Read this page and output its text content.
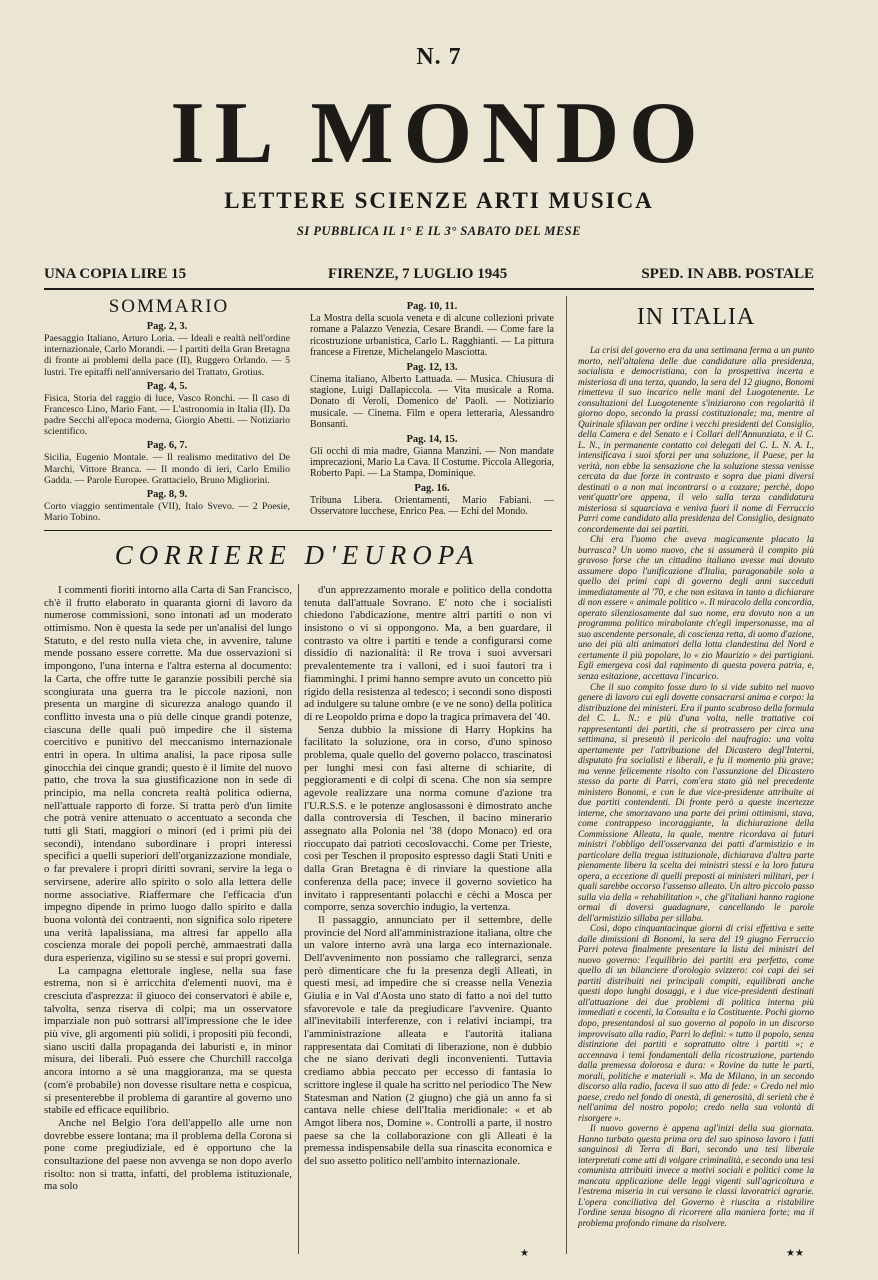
N. 7
IL MONDO
LETTERE SCIENZE ARTI MUSICA
SI PUBBLICA IL 1° E IL 3° SABATO DEL MESE
UNA COPIA LIRE 15	FIRENZE, 7 LUGLIO 1945	SPED. IN ABB. POSTALE
SOMMARIO
Pag. 2, 3.
Paesaggio Italiano, Arturo Loria. — Ideali e realtà nell'ordine internazionale, Carlo Morandi. — I partiti della Gran Bretagna di fronte ai problemi della pace (II), Ruggero Orlando. — 5 lustri. Tre epitaffi nell'anniversario del Trattato, Grotius.
Pag. 4, 5.
Fisica, Storia del raggio di luce, Vasco Ronchi. — Il caso di Francesco Lino, Mario Fant. — L'astronomia in Italia (II). Da padre Secchi all'epoca moderna, Giorgio Abetti. — Notiziario scientifico.
Pag. 6, 7.
Sicilia, Eugenio Montale. — Il realismo meditativo del De Marchi, Vittore Branca. — Il mondo di ieri, Carlo Emilio Gadda. — Parole Europee. Grattacielo, Bruno Migliorini.
Pag. 8, 9.
Corto viaggio sentimentale (VII), Italo Svevo. — 2 Poesie, Mario Tobino.
Pag. 10, 11.
La Mostra della scuola veneta e di alcune collezioni private romane a Palazzo Venezia, Cesare Brandi. — Come fare la ricostruzione urbanistica, Carlo L. Ragghianti. — La pittura francese a Firenze, Michelangelo Masciotta.
Pag. 12, 13.
Cinema italiano, Alberto Lattuada. — Musica. Chiusura di stagione, Luigi Dallapiccola. — Vita musicale a Roma. Donato di Veroli, Domenico de' Paoli. — Notiziario musicale. — Cinema. Film e opera letteraria, Alessandro Bonsanti.
Pag. 14, 15.
Gli occhi di mia madre, Gianna Manzini. — Non mandate imprecazioni, Mario La Cava. Il Costume. Piccola Allegoria, Roberto Papi. — La Stampa, Dominique.
Pag. 16.
Tribuna Libera. Orientamenti, Mario Fabiani. — Osservatore lucchese, Enrico Pea. — Echi del Mondo.
IN ITALIA

La crisi del governo era da una settimana ferma a un punto morto, nell'altalena delle due candidature alla presidenza, socialista e democristiana, con la prospettiva incerta e misteriosa di una terza, quando, la sera del 12 giugno, Bonomi rimetteva il suo incarico nelle mani del Luogotenente. Le consultazioni del Luogotenente s'iniziarono con regolarità il giorno dopo, secondo la prassi costituzionale; ma, mentre al Quirinale sfilavan per ordine i vecchi presidenti del Consiglio, della Camera e del Senato e i Collari dell'Annunziata, e il C. L. N., in permanente contatto coi delegati del C. L. N. A. I., intensificava i suoi sforzi per una soluzione, il Paese, per la verità, non ebbe la sensazione che la soluzione stessa venisse cercata da due forze in contrasto e sopra due piani diversi destinati o a non mai incontrarsi o a cozzare; perchè, dopo vent'quattr'ore appena, il velo sulla terza candidatura misteriosa si squarciava e veniva fuori il nome di Ferruccio Parri come candidato alla presidenza del Consiglio, designato concordemente dai sei partiti.

Chi era l'uomo che aveva magicamente placato la burrasca? Un uomo nuovo, che si assumerà il compito più gravoso forse che un cittadino italiano avesse mai dovuto assumere dopo l'unificazione d'Italia, paragonabile solo a quello dei primi capi di governo degli anni succeduti immediatamente al '70, e che non esitava in tanto a dichiarare di non essere « animale politico ». Il miracolo della concordia, operato silenziosamente dal suo nome, era dovuto non a un programma politico mirabolante ch'egli impersonasse, ma al suo ascendente personale, di coscienza retta, di uomo d'azione, uno dei più alti animatori della lotta clandestina del Nord e certamente il più popolare, lo « zio Maurizio » dei partigiani. Egli emergeva così dal rapimento di questa povera patria, e, senza esitazione, accettava l'incarico.

Che il suo compito fosse duro lo si vide subito nel nuovo genere di lavoro cui egli dovette consacrarsi anima e corpo: la distribuzione dei ministeri. Era il punto scabroso della formula del C. L. N.: e più d'una volta, nelle trattative coi rappresentanti dei partiti, che si protrassero per circa una settimana, si presentò il pericolo del naufragio: una volta apertamente per l'attribuzione del Dicastero degl'Interni, disputato fra socialisti e liberali, e fu il momento più grave; ma venne felicemente risolto con l'assunzione del Dicastero stesso da parte di Parri, com'era stato già nel precedente ministero Bonomi, e con le due vice-presidenze attribuite ai due partiti contendenti. Di fronte però a queste incertezze interne, che smorzavano una parte dei primi ottimismi, stava, come contrappeso incoraggiante, la dichiarazione della Commissione Alleata, la quale, mentre ricordava ai futuri ministri l'obbligo dell'osservanza dei patti d'armistizio e in particolare della tregua istituzionale, dichiarava d'altra parte pienamente libera la scelta dei ministri stessi e la loro futura opera, a eccezione di quelli preposti ai ministeri militari, per i quali sarebbe occorso l'assenso alleato. Un altro piccolo passo sulla via della « rehabilitation », che gl'italiani hanno ragione ormai di doversi guadagnare, cancellando le parole dell'armistizio sillaba per sillaba.

Così, dopo cinquantacinque giorni di crisi effettiva e sette dalle dimissioni di Bonomi, la sera del 19 giugno Ferruccio Parri poteva finalmente presentare la lista dei ministri del nuovo governo: l'equilibrio dei partiti era perfetto, come quello di un bilanciere d'orologio svizzero: coi capi dei sei partiti distribuiti nei principali compiti, equilibrati anche questi dopo lunghi dosaggi, e i due vice-presidenti destinati all'attuazione dei due problemi di politica interna più immediati e cocenti, la Consulta e la Costituente. Pochi giorno dopo, presentandosi al suo governo al popolo in un discorso improvvisato alla radio, Parri lo definì: « tutto il popolo, senza distinzione dei partiti e soprattutto oltre i partiti »; e accennava i temi fondamentali della ricostruzione, partendo dalla premessa dolorosa e dura: « Rovine da tutte le parti, morali, politiche e materiali ». Ma de Milano, in un secondo discorso alla radio, faceva il suo atto di fede: « Credo nel mio paese, credo nel fondo di onestà, di generosità, di serietà che è nell'anima del nostro popolo; credo nella sua volontà di risorgere ».

Il nuovo governo è appena agl'inizi della sua giornata. Hanno turbato questa prima ora del suo spinoso lavoro i fatti sanguinosi di Terra di Bari, secondo una tesi liberale interpretati come atti di volgare criminalità, e secondo una tesi comunista attribuiti invece a motivi sociali e politici come la mancata applicazione delle leggi vigenti sull'agricoltura e l'estrema miseria in cui versano le classi lavoratrici agrarie. L'opera conciliativa del Governo è riuscita a ristabilire l'ordine senza bisogno di ricorrere alla maniera forte; ma il problema profondo rimane da risolvere.

★★
CORRIERE D'EUROPA

I commenti fioriti intorno alla Carta di San Francisco, ch'è il frutto elaborato in quaranta giorni di lavoro da numerose commissioni, sono intonati ad un moderato ottimismo. Non è questa la sede per un'analisi del lungo Statuto, e del resto nulla vieta che, in avvenire, talune mende possano essere corrette. Ma due osservazioni si impongono, l'una interna e l'altra esterna al documento: la Carta, che offre tutte le garanzie possibili perchè sia scongiurata una guerra tra le piccole nazioni, non presenta un margine di sicurezza analogo quando il conflitto investa una o più delle cinque grandi potenze, ciascuna delle quali può impedire che il sistema coercitivo e punitivo del meccanismo internazionale entri in opera. In ultima analisi, la pace riposa sulle ginocchia dei cinque grandi; questo è il limite del nuovo patto, che trova la sua giustificazione non in sede di principio, ma nella concreta realtà politica odierna, nell'attuale rapporto di forze. Si tratta però d'un limite che potrà venire attenuato o accentuato a seconda che tutti gli Stati, maggiori o minori (ed i primi più dei secondi), intendano subordinare i propri interessi specifici a quelli superiori dell'organizzazione mondiale, o far prevalere i propri diritti sovrani, servire la lega o servirsene, aderire allo spirito o solo alla lettera delle norme associative. Riaffermare che l'efficacia d'un impegno dipende in primo luogo dallo spirito e dalla buona volontà dei contraenti, non significa solo ripetere una verità lapalissiana, ma altresì far appello alla coscienza morale dei popoli perchè, ammaestrati dalla dura esperienza, vigilino su se stessi e sui propri governi.

La campagna elettorale inglese, nella sua fase estrema, non si è arricchita d'elementi nuovi, ma è cresciuta d'asprezza: il giuoco dei conservatori è abile e, talvolta, senza riserva di colpi; ma un osservatore imparziale non può sottrarsi all'impressione che le idee più vive, gli argomenti più solidi, i propositi più fecondi, siano usciti dalla propaganda dei laburisti e, in minor misura, dei liberali. Può essere che Churchill raccolga ancora intorno a sè una maggioranza, ma se questa (com'è probabile) non dovesse risultare netta e cospicua, si presenterebbe il problema di garantire al governo uno stabile ed efficace equilibrio.

Anche nel Belgio l'ora dell'appello alle urne non dovrebbe essere lontana; ma il problema della Corona si pone come pregiudiziale, ed è opportuno che la consultazione del paese non avvenga se non dopo averlo risolto: non si tratta, infatti, del problema istituzionale, ma solo

d'un apprezzamento morale e politico della condotta tenuta dall'attuale Sovrano. E' noto che i socialisti chiedono l'abdicazione, mentre altri partiti o non vi insistono o vi si oppongono. Ma, a ben guardare, il contrasto va oltre i partiti e tende a configurarsi come dissidio di nazionalità: il Re trova i suoi avversari prevalentemente tra i valloni, ed i suoi fautori tra i fiamminghi. I primi hanno sempre avuto un concetto più rigido della resistenza al tedesco; i secondi sono disposti ad indulgere su talune ombre (e ve ne sono) della politica di re Leopoldo prima e dopo la tragica primavera del '40.

Senza dubbio la missione di Harry Hopkins ha facilitato la soluzione, ora in corso, d'uno spinoso problema, quale quello del governo polacco, trascinatosi per lunghi mesi con fasi alterne di schiarite, di peggioramenti e di colpi di scena. Che non sia sempre agevole realizzare una norma comune d'azione tra l'U.R.S.S. e le potenze anglosassoni è dimostrato anche dalla controversia di Teschen, il bacino minerario assegnato alla Polonia nel '38 (dopo Monaco) ed ora rioccupato dai patrioti cecoslovacchi. Come per Trieste, così per Teschen il proposito espresso dagli Stati Uniti e dalla Gran Bretagna è di rinviare la questione alla conferenza della pace; invece il governo sovietico ha invitato i rappresentanti polacchi e cèchi a Mosca per comporre, senza soverchio indugio, la vertenza.

Il passaggio, annunciato per il settembre, delle provincie del Nord all'amministrazione italiana, oltre che un valore interno avrà una larga eco internazionale. Dell'avvenimento non possiamo che rallegrarci, senza però dimenticare che fu la presenza degli Alleati, in questi mesi, ad impedire che si creasse nella Venezia Giulia e in Val d'Aosta uno stato di fatto a noi del tutto sfavorevole e tale da pregiudicare l'avvenire. Quanto all'inevitabili interferenze, con i relativi inciampi, tra l'amministrazione alleata e l'autorità italiana rappresentata dai Comitati di liberazione, non è dubbio che ne siano derivati degli inconvenienti. Tuttavia crediamo abbia peccato per eccesso di fantasia lo scrittore inglese il quale ha scritto nel periodico The New Statesman and Nation (2 giugno) che già un anno fa si cantava nelle chiese dell'Italia meridionale: « et ab Amgot libera nos, Domine ». Controlli a parte, il nostro paese sa che la collaborazione con gli Alleati è la premessa indispensabile della sua rinascita economica e del suo assetto politico nell'ambito internazionale.

★
